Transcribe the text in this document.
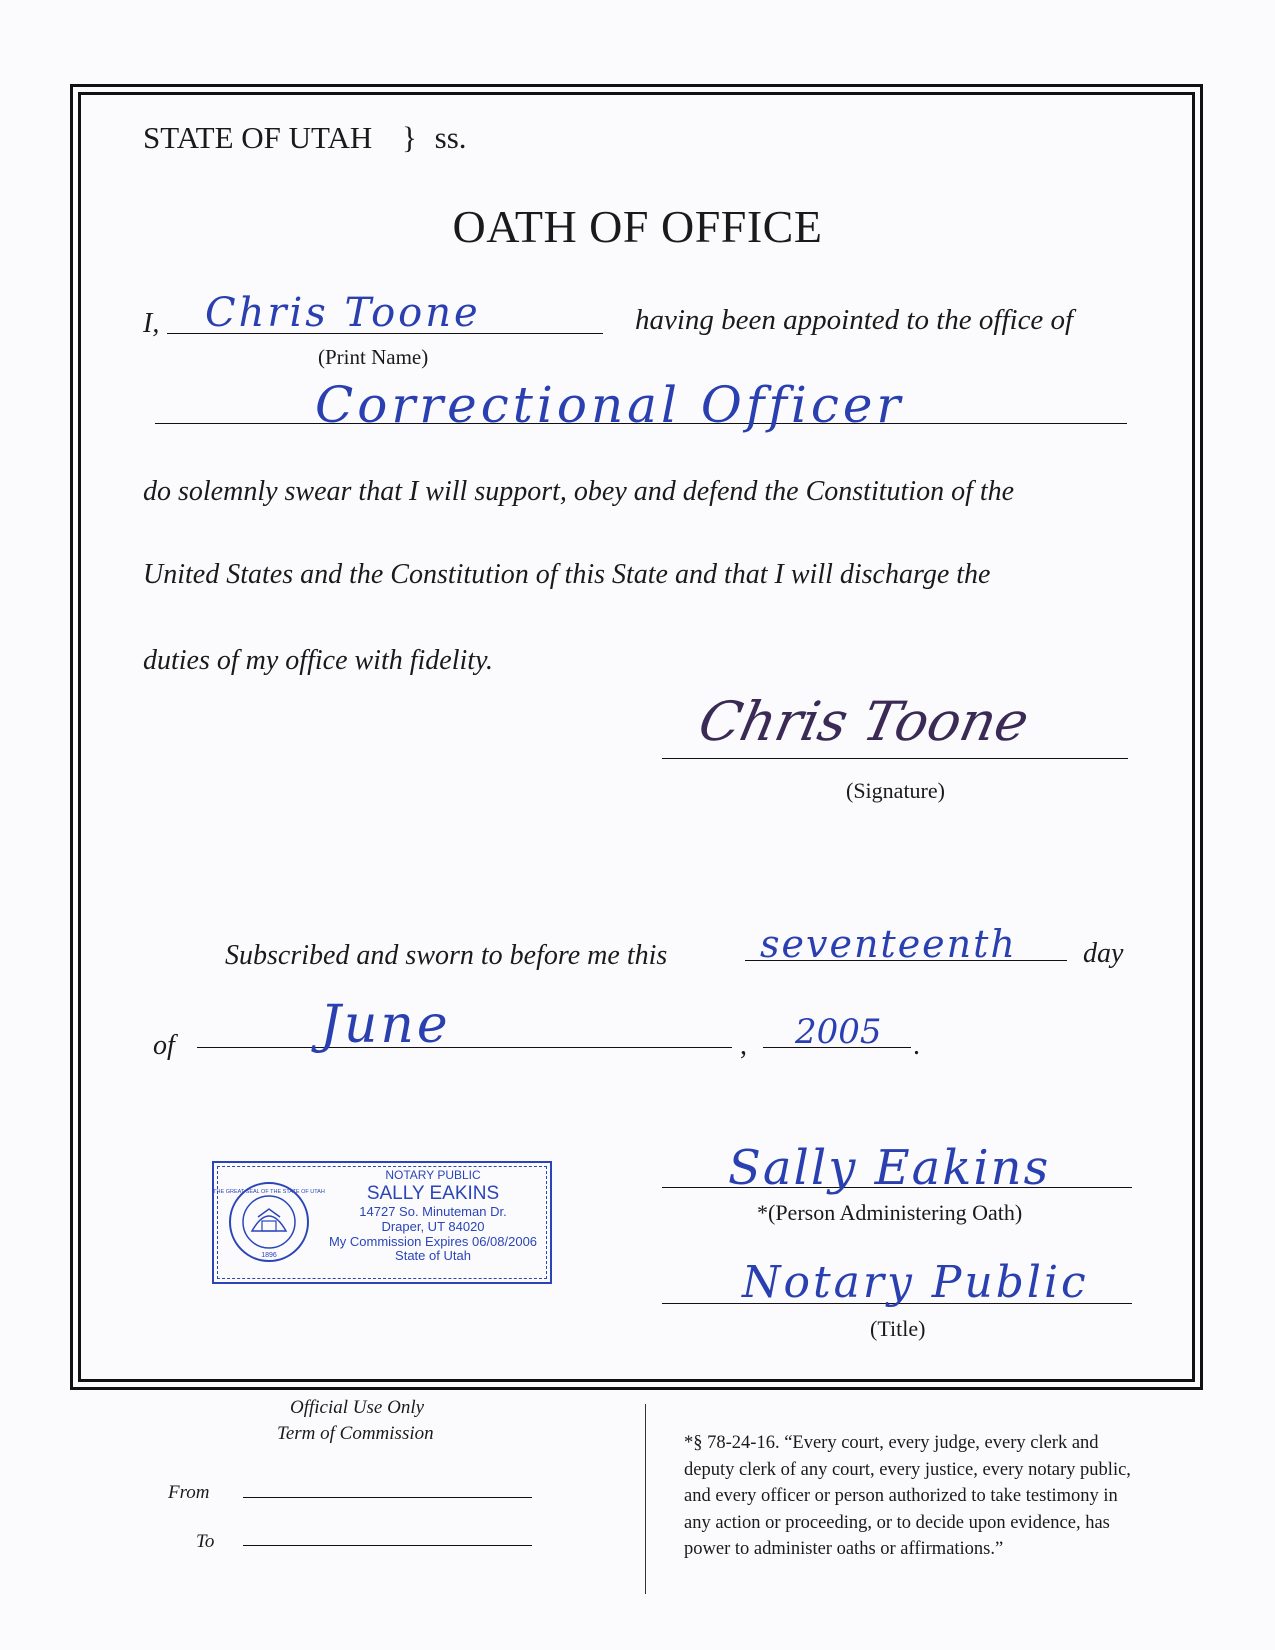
STATE OF UTAH } ss.
OATH OF OFFICE
I, Chris Toone
(Print Name)
having been appointed to the office of
Correctional Officer
do solemnly swear that I will support, obey and defend the Constitution of the
United States and the Constitution of this State and that I will discharge the
duties of my office with fidelity.
Chris Toone
(Signature)
Subscribed and sworn to before me this seventeenth day
of	June	, 2005 .
THE GREAT SEAL OF THE STATE OF UTAH
1896
NOTARY PUBLIC
SALLY EAKINS
14727 So. Minuteman Dr.
Draper, UT 84020
My Commission Expires 06/08/2006
State of Utah
Sally Eakins
*(Person Administering Oath)
Notary Public
(Title)
Official Use Only
Term of Commission
From
To
*§ 78-24-16. “Every court, every judge, every clerk and
deputy clerk of any court, every justice, every notary public,
and every officer or person authorized to take testimony in
any action or proceeding, or to decide upon evidence, has
power to administer oaths or affirmations.”
